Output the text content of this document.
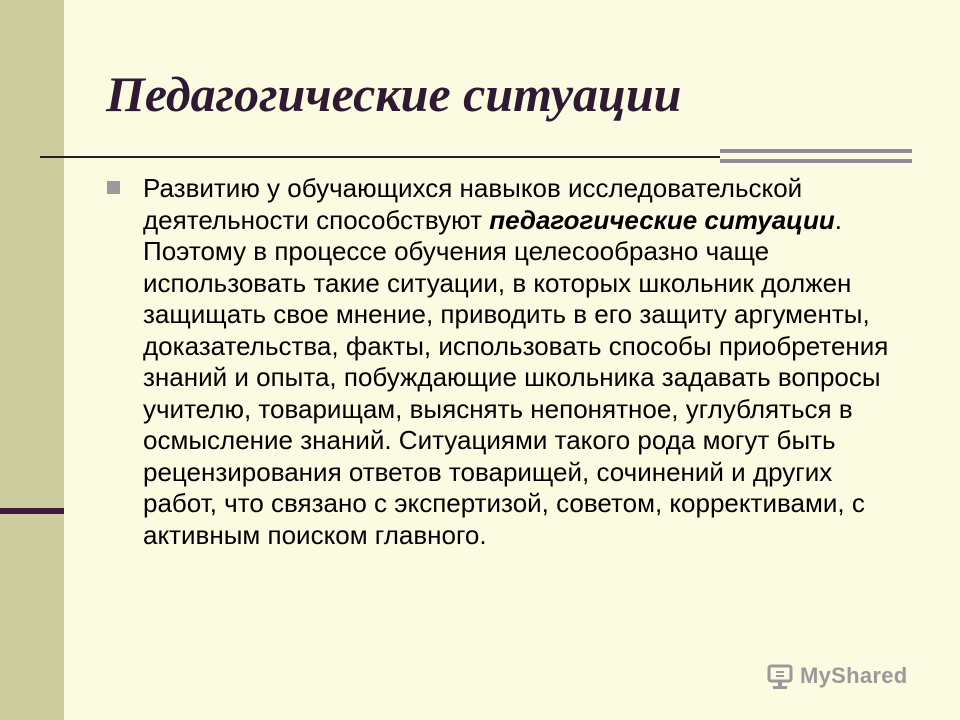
Педагогические ситуации

Развитию у обучающихся навыков исследовательской деятельности способствуют педагогические ситуации. Поэтому в процессе обучения целесообразно чаще использовать такие ситуации, в которых школьник должен защищать свое мнение, приводить в его защиту аргументы, доказательства, факты, использовать способы приобретения знаний и опыта, побуждающие школьника задавать вопросы учителю, товарищам, выяснять непонятное, углубляться в осмысление знаний. Ситуациями такого рода могут быть рецензирования ответов товарищей, сочинений и других работ, что связано с экспертизой, советом, коррективами, с активным поиском главного.

MyShared
